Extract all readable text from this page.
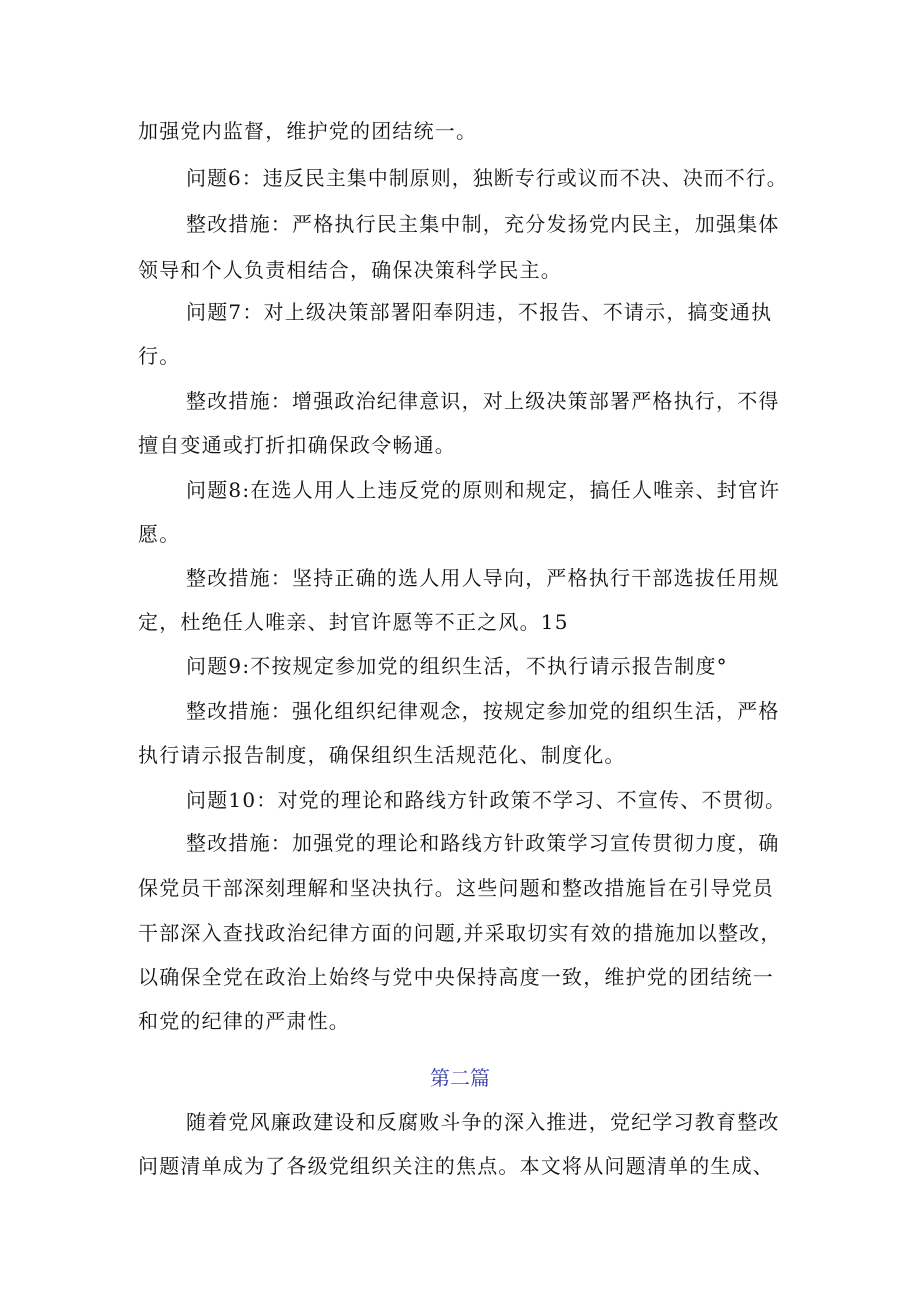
加强党内监督，维护党的团结统一。
问题6：违反民主集中制原则，独断专行或议而不决、决而不行。
整改措施：严格执行民主集中制，充分发扬党内民主，加强集体
领导和个人负责相结合，确保决策科学民主。
问题7：对上级决策部署阳奉阴违，不报告、不请示，搞变通执
行。
整改措施：增强政治纪律意识，对上级决策部署严格执行，不得
擅自变通或打折扣确保政令畅通。
问题8:在选人用人上违反党的原则和规定，搞任人唯亲、封官许
愿。
整改措施：坚持正确的选人用人导向，严格执行干部选拔任用规
定，杜绝任人唯亲、封官许愿等不正之风。15
问题9:不按规定参加党的组织生活，不执行请示报告制度°
整改措施：强化组织纪律观念，按规定参加党的组织生活，严格
执行请示报告制度，确保组织生活规范化、制度化。
问题10：对党的理论和路线方针政策不学习、不宣传、不贯彻。
整改措施：加强党的理论和路线方针政策学习宣传贯彻力度，确
保党员干部深刻理解和坚决执行。这些问题和整改措施旨在引导党员
干部深入查找政治纪律方面的问题,并采取切实有效的措施加以整改，
以确保全党在政治上始终与党中央保持高度一致，维护党的团结统一
和党的纪律的严肃性。
第二篇
随着党风廉政建设和反腐败斗争的深入推进，党纪学习教育整改
问题清单成为了各级党组织关注的焦点。本文将从问题清单的生成、
